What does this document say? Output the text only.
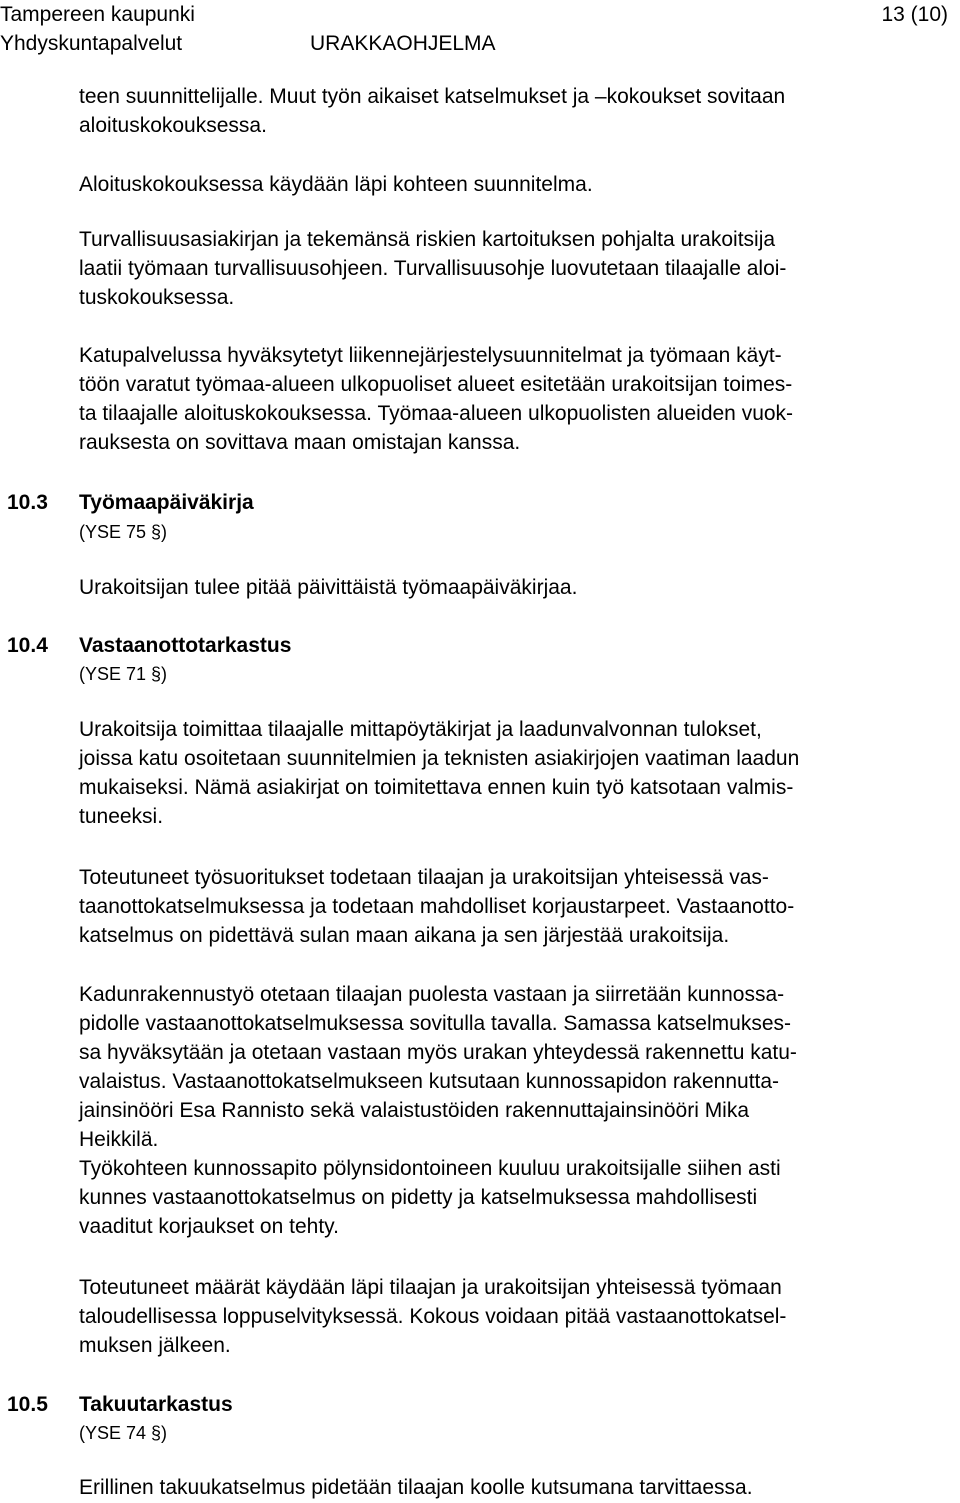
Tampereen kaupunki	13 (10)
Yhdyskuntapalvelut	URAKKAOHJELMA

teen suunnittelijalle. Muut työn aikaiset katselmukset ja –kokoukset sovitaan
aloituskokouksessa.

Aloituskokouksessa käydään läpi kohteen suunnitelma.

Turvallisuusasiakirjan ja tekemänsä riskien kartoituksen pohjalta urakoitsija
laatii työmaan turvallisuusohjeen. Turvallisuusohje luovutetaan tilaajalle aloi-
tuskokouksessa.

Katupalvelussa hyväksytetyt liikennejärjestelysuunnitelmat ja työmaan käyt-
töön varatut työmaa-alueen ulkopuoliset alueet esitetään urakoitsijan toimes-
ta tilaajalle aloituskokouksessa. Työmaa-alueen ulkopuolisten alueiden vuok-
rauksesta on sovittava maan omistajan kanssa.

10.3 Työmaapäiväkirja
(YSE 75 §)

Urakoitsijan tulee pitää päivittäistä työmaapäiväkirjaa.

10.4 Vastaanottotarkastus
(YSE 71 §)

Urakoitsija toimittaa tilaajalle mittapöytäkirjat ja laadunvalvonnan tulokset,
joissa katu osoitetaan suunnitelmien ja teknisten asiakirjojen vaatiman laadun
mukaiseksi. Nämä asiakirjat on toimitettava ennen kuin työ katsotaan valmis-
tuneeksi.

Toteutuneet työsuoritukset todetaan tilaajan ja urakoitsijan yhteisessä vas-
taanottokatselmuksessa ja todetaan mahdolliset korjaustarpeet. Vastaanotto-
katselmus on pidettävä sulan maan aikana ja sen järjestää urakoitsija.

Kadunrakennustyö otetaan tilaajan puolesta vastaan ja siirretään kunnossa-
pidolle vastaanottokatselmuksessa sovitulla tavalla. Samassa katselmukses-
sa hyväksytään ja otetaan vastaan myös urakan yhteydessä rakennettu katu-
valaistus. Vastaanottokatselmukseen kutsutaan kunnossapidon rakennutta-
jainsinööri Esa Rannisto sekä valaistustöiden rakennuttajainsinööri Mika
Heikkilä.
Työkohteen kunnossapito pölynsidontoineen kuuluu urakoitsijalle siihen asti
kunnes vastaanottokatselmus on pidetty ja katselmuksessa mahdollisesti
vaaditut korjaukset on tehty.

Toteutuneet määrät käydään läpi tilaajan ja urakoitsijan yhteisessä työmaan
taloudellisessa loppuselvityksessä. Kokous voidaan pitää vastaanottokatsel-
muksen jälkeen.

10.5 Takuutarkastus
(YSE 74 §)

Erillinen takuukatselmus pidetään tilaajan koolle kutsumana tarvittaessa.
